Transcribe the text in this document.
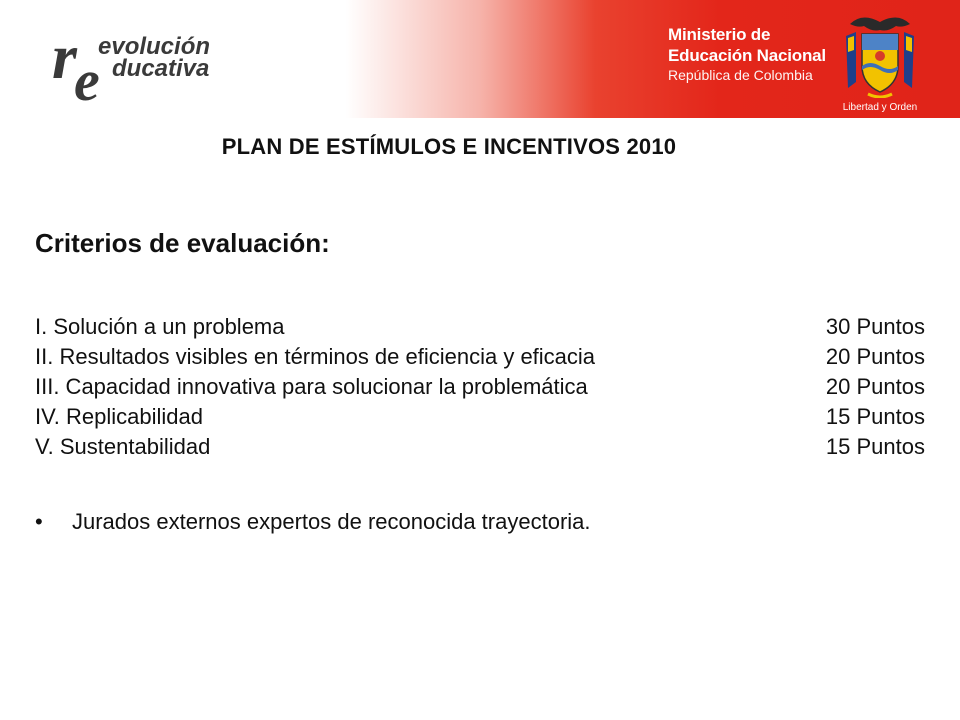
r
e
evolución
ducativa
Ministerio de
Educación Nacional
República de Colombia
Libertad y Orden
PLAN DE ESTÍMULOS E INCENTIVOS 2010
Criterios de evaluación:
I. Solución a un problema	30 Puntos
II. Resultados visibles en términos de eficiencia y eficacia	20 Puntos
III. Capacidad innovativa para solucionar la problemática	20 Puntos
IV. Replicabilidad	15 Puntos
V. Sustentabilidad	15 Puntos
•	Jurados externos expertos de reconocida trayectoria.
